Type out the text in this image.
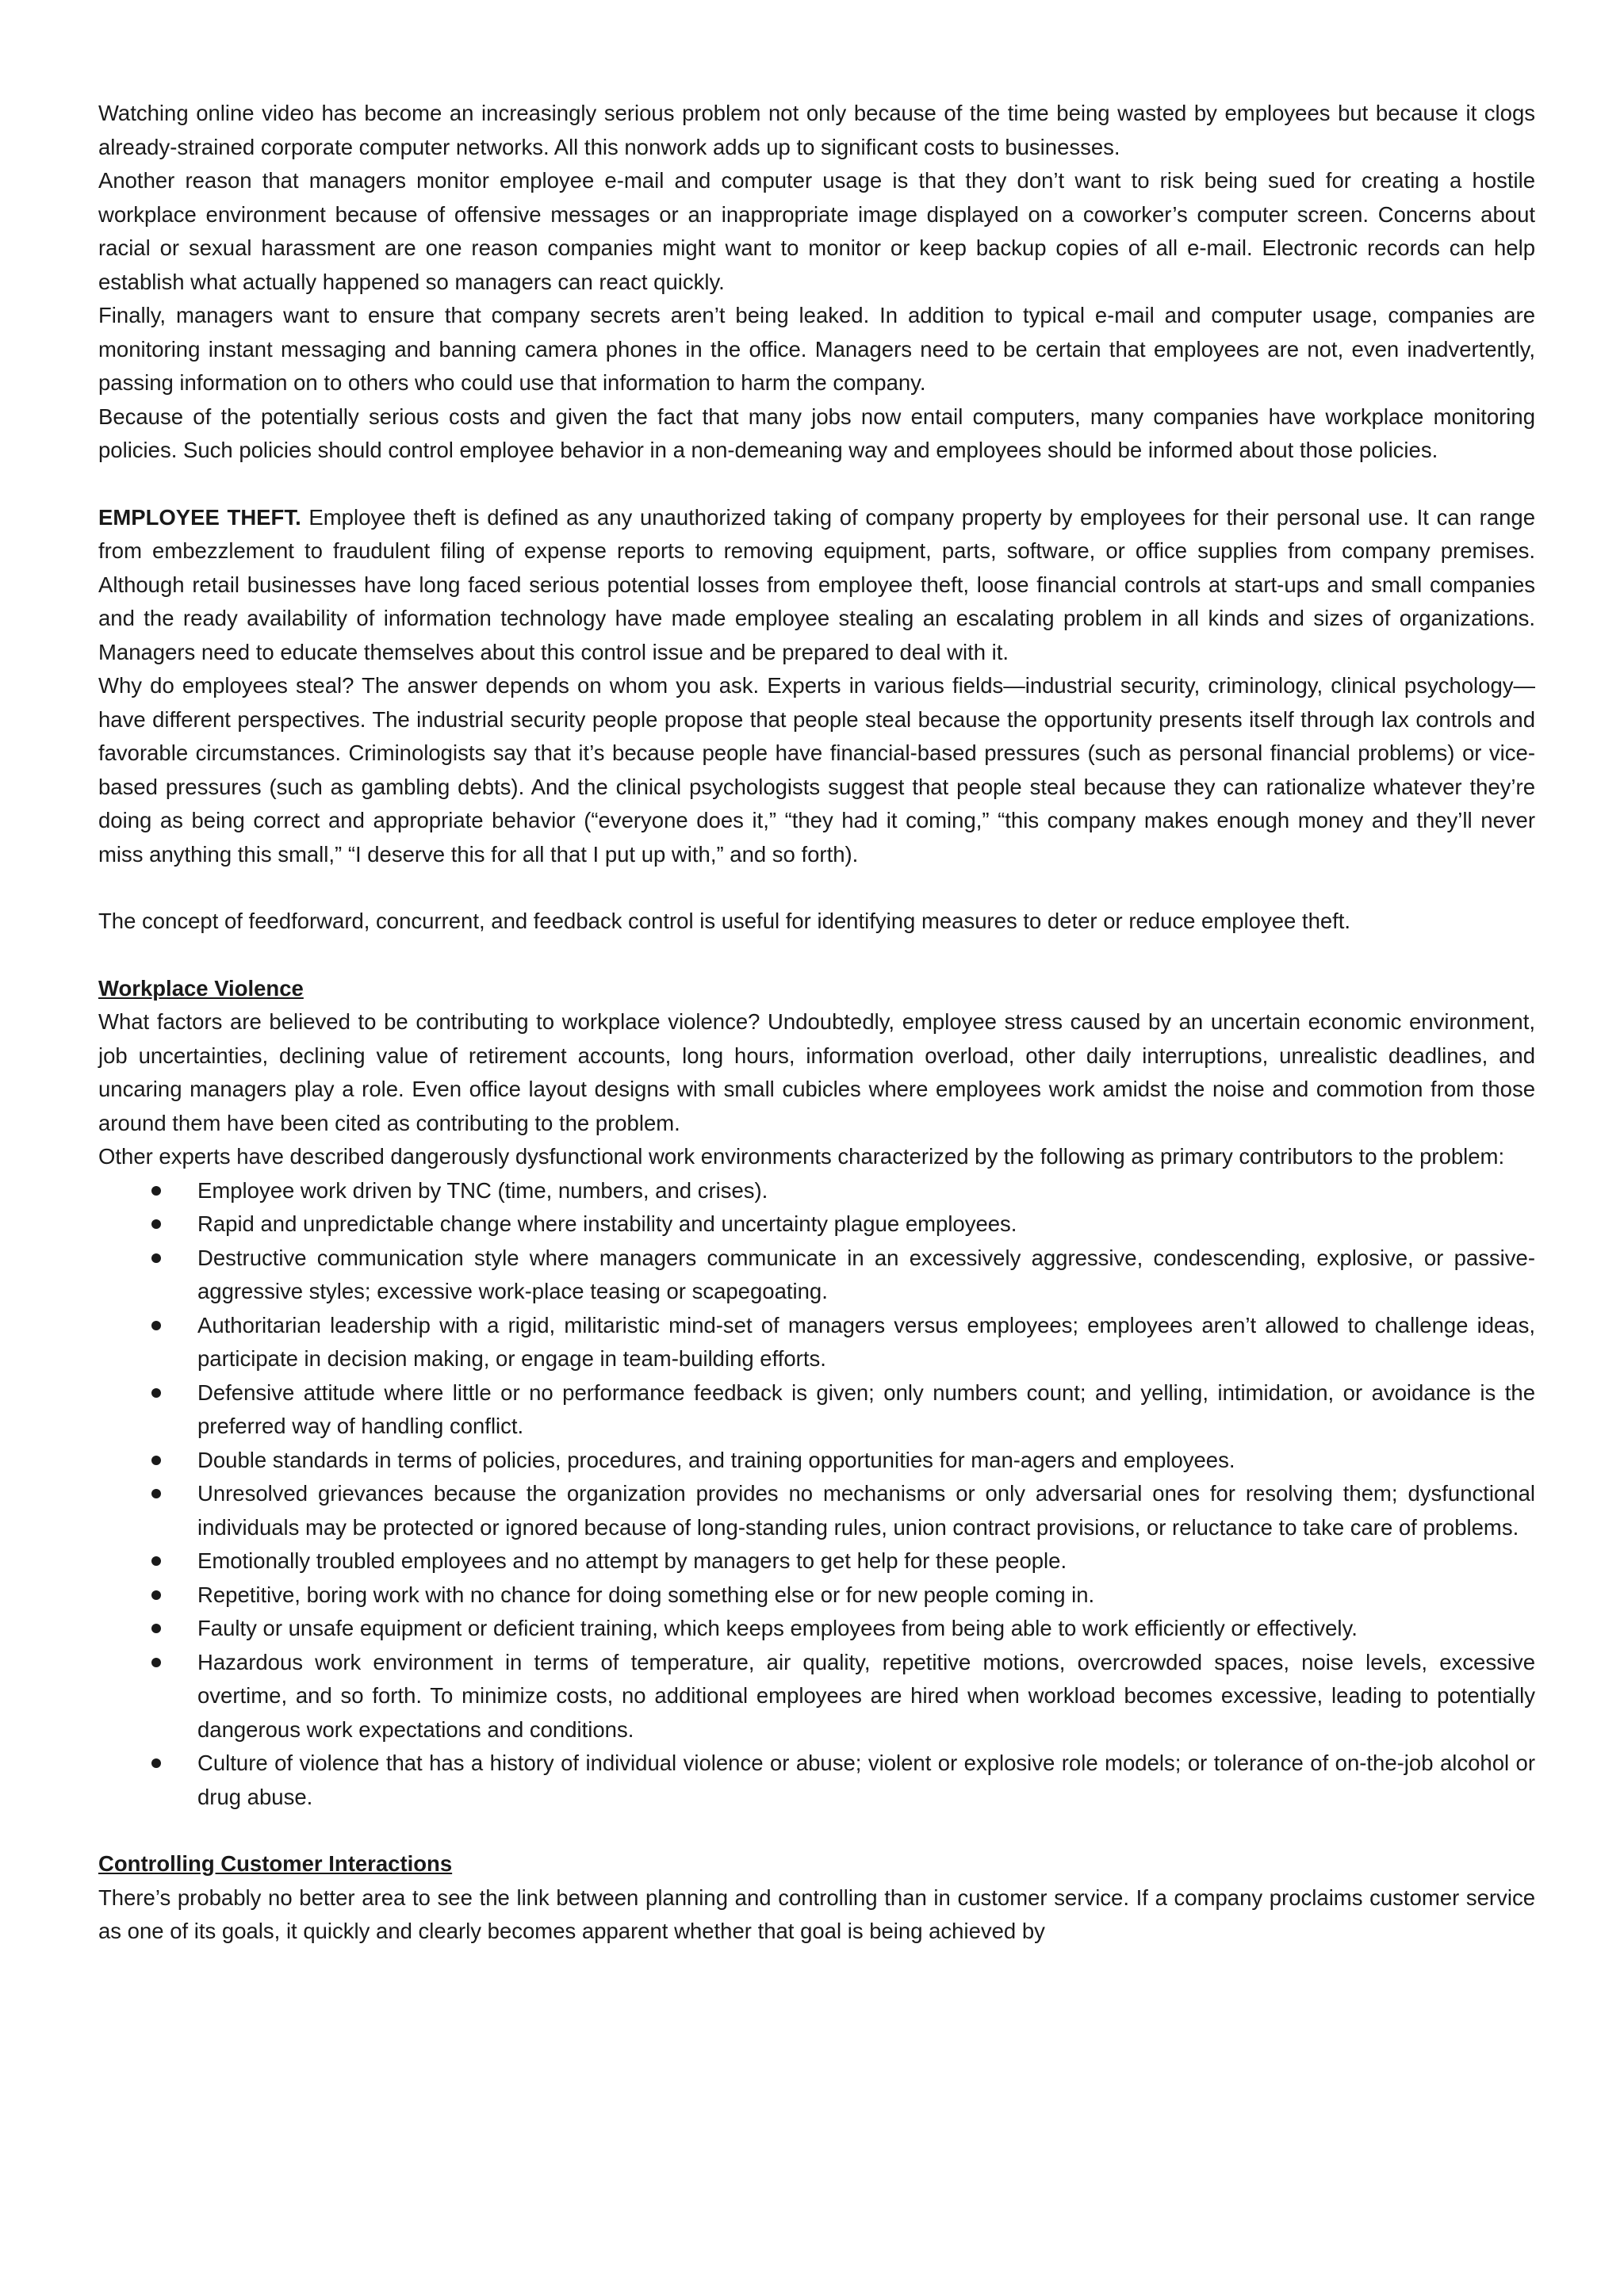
Watching online video has become an increasingly serious problem not only because of the time being wasted by employees but because it clogs already-strained corporate computer networks. All this nonwork adds up to significant costs to businesses.

Another reason that managers monitor employee e-mail and computer usage is that they don’t want to risk being sued for creating a hostile workplace environment because of offensive messages or an inappropriate image displayed on a coworker’s computer screen. Concerns about racial or sexual harassment are one reason companies might want to monitor or keep backup copies of all e-mail. Electronic records can help establish what actually happened so managers can react quickly.

Finally, managers want to ensure that company secrets aren’t being leaked. In addition to typical e-mail and computer usage, companies are monitoring instant messaging and banning camera phones in the office. Managers need to be certain that employees are not, even inadvertently, passing information on to others who could use that information to harm the company.

Because of the potentially serious costs and given the fact that many jobs now entail computers, many companies have workplace monitoring policies. Such policies should control employee behavior in a non-demeaning way and employees should be informed about those policies.

EMPLOYEE THEFT. Employee theft is defined as any unauthorized taking of company property by employees for their personal use. It can range from embezzlement to fraudulent filing of expense reports to removing equipment, parts, software, or office supplies from company premises. Although retail businesses have long faced serious potential losses from employee theft, loose financial controls at start-ups and small companies and the ready availability of information technology have made employee stealing an escalating problem in all kinds and sizes of organizations. Managers need to educate themselves about this control issue and be prepared to deal with it.

Why do employees steal? The answer depends on whom you ask. Experts in various fields—industrial security, criminology, clinical psychology—have different perspectives. The industrial security people propose that people steal because the opportunity presents itself through lax controls and favorable circumstances. Criminologists say that it’s because people have financial-based pressures (such as personal financial problems) or vice-based pressures (such as gambling debts). And the clinical psychologists suggest that people steal because they can rationalize whatever they’re doing as being correct and appropriate behavior (“everyone does it,” “they had it coming,” “this company makes enough money and they’ll never miss anything this small,” “I deserve this for all that I put up with,” and so forth).

The concept of feedforward, concurrent, and feedback control is useful for identifying measures to deter or reduce employee theft.

Workplace Violence

What factors are believed to be contributing to workplace violence? Undoubtedly, employee stress caused by an uncertain economic environment, job uncertainties, declining value of retirement accounts, long hours, information overload, other daily interruptions, unrealistic deadlines, and uncaring managers play a role. Even office layout designs with small cubicles where employees work amidst the noise and commotion from those around them have been cited as contributing to the problem.

Other experts have described dangerously dysfunctional work environments characterized by the following as primary contributors to the problem:

Employee work driven by TNC (time, numbers, and crises).
Rapid and unpredictable change where instability and uncertainty plague employees.
Destructive communication style where managers communicate in an excessively aggressive, condescending, explosive, or passive-aggressive styles; excessive work-place teasing or scapegoating.
Authoritarian leadership with a rigid, militaristic mind-set of managers versus employees; employees aren’t allowed to challenge ideas, participate in decision making, or engage in team-building efforts.
Defensive attitude where little or no performance feedback is given; only numbers count; and yelling, intimidation, or avoidance is the preferred way of handling conflict.
Double standards in terms of policies, procedures, and training opportunities for man-agers and employees.
Unresolved grievances because the organization provides no mechanisms or only adversarial ones for resolving them; dysfunctional individuals may be protected or ignored because of long-standing rules, union contract provisions, or reluctance to take care of problems.
Emotionally troubled employees and no attempt by managers to get help for these people.
Repetitive, boring work with no chance for doing something else or for new people coming in.
Faulty or unsafe equipment or deficient training, which keeps employees from being able to work efficiently or effectively.
Hazardous work environment in terms of temperature, air quality, repetitive motions, overcrowded spaces, noise levels, excessive overtime, and so forth. To minimize costs, no additional employees are hired when workload becomes excessive, leading to potentially dangerous work expectations and conditions.
Culture of violence that has a history of individual violence or abuse; violent or explosive role models; or tolerance of on-the-job alcohol or drug abuse.

Controlling Customer Interactions

There’s probably no better area to see the link between planning and controlling than in customer service. If a company proclaims customer service as one of its goals, it quickly and clearly becomes apparent whether that goal is being achieved by
